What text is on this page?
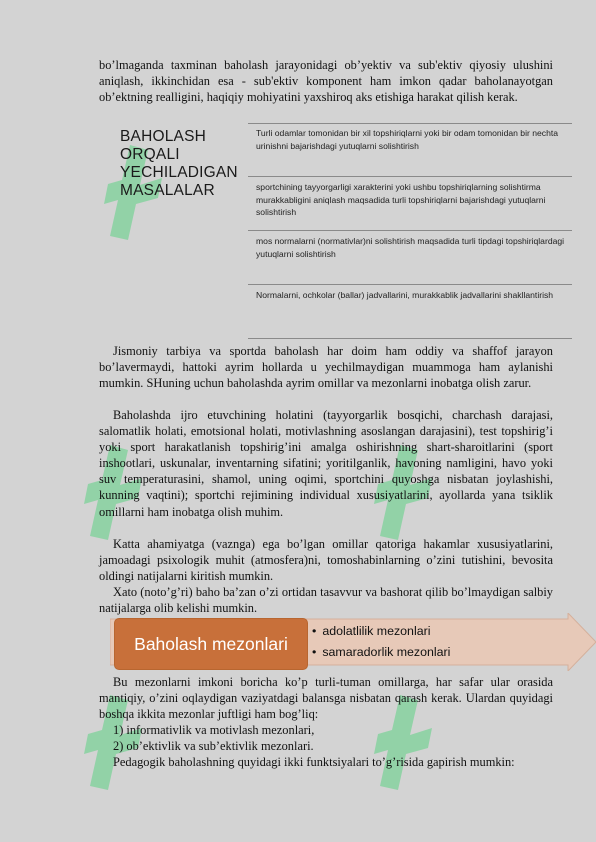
bo’lmaganda taxminan baholash jarayonidagi ob’yektiv va sub'ektiv qiyosiy ulushini aniqlash, ikkinchidan esa - sub'ektiv komponent ham imkon qadar baholanayotgan ob’ektning realligini, haqiqiy mohiyatini yaxshiroq aks etishiga harakat qilish kerak.

BAHOLASH ORQALI YECHILADIGAN MASALALAR
Turli odamlar tomonidan bir xil topshiriqlarni yoki bir odam tomonidan bir nechta urinishni bajarishdagi yutuqlarni solishtirish
sportchining tayyorgarligi xarakterini yoki ushbu topshiriqlarning solishtirma murakkabligini aniqlash maqsadida turli topshiriqlarni bajarishdagi yutuqlarni solishtirish
mos normalarni (normativlar)ni solishtirish maqsadida turli tipdagi topshiriqlardagi yutuqlarni solishtirish
Normalarni, ochkolar (ballar) jadvallarini, murakkablik jadvallarini shakllantirish

Jismoniy tarbiya va sportda baholash har doim ham oddiy va shaffof jarayon bo’lavermaydi, hattoki ayrim hollarda u yechilmaydigan muammoga ham aylanishi mumkin. SHuning uchun baholashda ayrim omillar va mezonlarni inobatga olish zarur.

Baholashda ijro etuvchining holatini (tayyorgarlik bosqichi, charchash darajasi, salomatlik holati, emotsional holati, motivlashning asoslangan darajasini), test topshirig’i yoki sport harakatlanish topshirig’ini amalga oshirishning shart-sharoitlarini (sport inshootlari, uskunalar, inventarning sifatini; yoritilganlik, havoning namligini, havo yoki suv temperaturasini, shamol, uning oqimi, sportchini quyoshga nisbatan joylashishi, kunning vaqtini); sportchi rejimining individual xususiyatlarini, ayollarda yana tsiklik omillarni ham inobatga olish muhim.

Katta ahamiyatga (vaznga) ega bo’lgan omillar qatoriga hakamlar xususiyatlarini, jamoadagi psixologik muhit (atmosfera)ni, tomoshabinlarning o’zini tutishini, bevosita oldingi natijalarni kiritish mumkin.

Xato (noto’g’ri) baho ba’zan o’zi ortidan tasavvur va bashorat qilib bo’lmaydigan salbiy natijalarga olib kelishi mumkin.

Baholash mezonlari
• adolatlilik mezonlari
• samaradorlik mezonlari

Bu mezonlarni imkoni boricha ko’p turli-tuman omillarga, har safar ular orasida mantiqiy, o’zini oqlaydigan vaziyatdagi balansga nisbatan qarash kerak. Ulardan quyidagi boshqa ikkita mezonlar juftligi ham bog’liq:

1) informativlik va motivlash mezonlari,

2) ob’ektivlik va sub’ektivlik mezonlari.

Pedagogik baholashning quyidagi ikki funktsiyalari to’g’risida gapirish mumkin:
